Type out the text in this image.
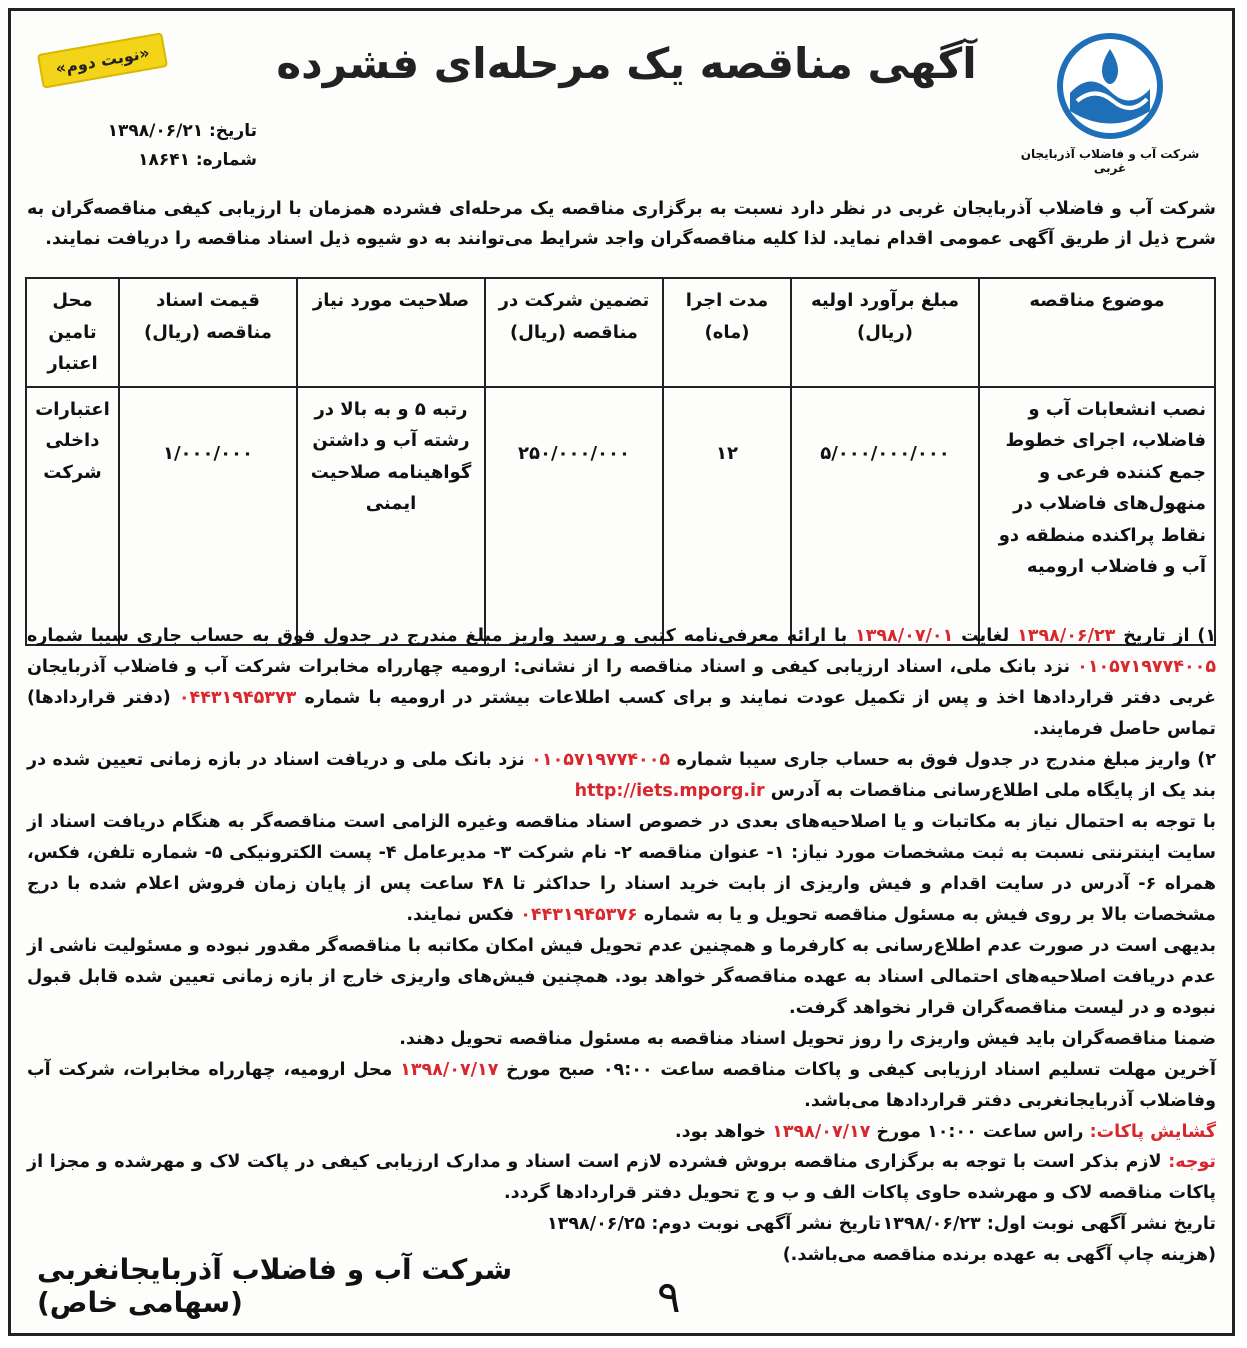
شرکت آب و فاضلاب آذربایجان غربی
آگهی مناقصه یک مرحله‌ای فشرده
«نوبت دوم»
تاریخ: ۱۳۹۸/۰۶/۲۱
شماره: ۱۸۶۴۱
شرکت آب و فاضلاب آذربایجان غربی در نظر دارد نسبت به برگزاری مناقصه یک مرحله‌ای فشرده همزمان با ارزیابی کیفی مناقصه‌گران به شرح ذیل از طریق آگهی عمومی اقدام نماید. لذا کلیه مناقصه‌گران واجد شرایط می‌توانند به دو شیوه ذیل اسناد مناقصه را دریافت نمایند.
موضوع مناقصه	مبلغ برآورد اولیه (ریال)	مدت اجرا (ماه)	تضمین شرکت در مناقصه (ریال)	صلاحیت مورد نیاز	قیمت اسناد مناقصه (ریال)	محل تامین اعتبار
نصب انشعابات آب و فاضلاب، اجرای خطوط جمع کننده فرعی و منهول‌های فاضلاب در نقاط پراکنده منطقه دو آب و فاضلاب ارومیه	۵/۰۰۰/۰۰۰/۰۰۰	۱۲	۲۵۰/۰۰۰/۰۰۰	رتبه ۵ و به بالا در رشته آب و داشتن گواهینامه صلاحیت ایمنی	۱/۰۰۰/۰۰۰	اعتبارات داخلی شرکت

۱) از تاریخ ۱۳۹۸/۰۶/۲۳ لغایت ۱۳۹۸/۰۷/۰۱ با ارائه معرفی‌نامه کتبی و رسید واریز مبلغ مندرج در جدول فوق به حساب جاری سیبا شماره ۰۱۰۵۷۱۹۷۷۴۰۰۵ نزد بانک ملی، اسناد ارزیابی کیفی و اسناد مناقصه را از نشانی: ارومیه چهارراه مخابرات شرکت آب و فاضلاب آذربایجان غربی دفتر قراردادها اخذ و پس از تکمیل عودت نمایند و برای کسب اطلاعات بیشتر در ارومیه با شماره ۰۴۴۳۱۹۴۵۳۷۳ (دفتر قراردادها) تماس حاصل فرمایند.

۲) واریز مبلغ مندرج در جدول فوق به حساب جاری سیبا شماره ۰۱۰۵۷۱۹۷۷۴۰۰۵ نزد بانک ملی و دریافت اسناد در بازه زمانی تعیین شده در بند یک از پایگاه ملی اطلاع‌رسانی مناقصات به آدرس http://iets.mporg.ir

با توجه به احتمال نیاز به مکاتبات و یا اصلاحیه‌های بعدی در خصوص اسناد مناقصه وغیره الزامی است مناقصه‌گر به هنگام دریافت اسناد از سایت اینترنتی نسبت به ثبت مشخصات مورد نیاز: ۱- عنوان مناقصه ۲- نام شرکت ۳- مدیرعامل ۴- پست الکترونیکی ۵- شماره تلفن، فکس، همراه ۶- آدرس در سایت اقدام و فیش واریزی از بابت خرید اسناد را حداکثر تا ۴۸ ساعت پس از پایان زمان فروش اعلام شده با درج مشخصات بالا بر روی فیش به مسئول مناقصه تحویل و یا به شماره ۰۴۴۳۱۹۴۵۳۷۶ فکس نمایند.

بدیهی است در صورت عدم اطلاع‌رسانی به کارفرما و همچنین عدم تحویل فیش امکان مکاتبه با مناقصه‌گر مقدور نبوده و مسئولیت ناشی از عدم دریافت اصلاحیه‌های احتمالی اسناد به عهده مناقصه‌گر خواهد بود. همچنین فیش‌های واریزی خارج از بازه زمانی تعیین شده قابل قبول نبوده و در لیست مناقصه‌گران قرار نخواهد گرفت.

ضمنا مناقصه‌گران باید فیش واریزی را روز تحویل اسناد مناقصه به مسئول مناقصه تحویل دهند.

آخرین مهلت تسلیم اسناد ارزیابی کیفی و پاکات مناقصه ساعت ۰۹:۰۰ صبح مورخ ۱۳۹۸/۰۷/۱۷ محل ارومیه، چهارراه مخابرات، شرکت آب وفاضلاب آذربایجانغربی دفتر قراردادها می‌باشد.

گشایش پاکات: راس ساعت ۱۰:۰۰ مورخ ۱۳۹۸/۰۷/۱۷ خواهد بود.

توجه: لازم بذکر است با توجه به برگزاری مناقصه بروش فشرده لازم است اسناد و مدارک ارزیابی کیفی در پاکت لاک و مهرشده و مجزا از پاکات مناقصه لاک و مهرشده حاوی پاکات الف و ب و ج تحویل دفتر قراردادها گردد.

تاریخ نشر آگهی نوبت اول: ۱۳۹۸/۰۶/۲۳
تاریخ نشر آگهی نوبت دوم: ۱۳۹۸/۰۶/۲۵

(هزینه چاپ آگهی به عهده برنده مناقصه می‌باشد.)

۹
شرکت آب و فاضلاب آذربایجانغربی (سهامی خاص)
